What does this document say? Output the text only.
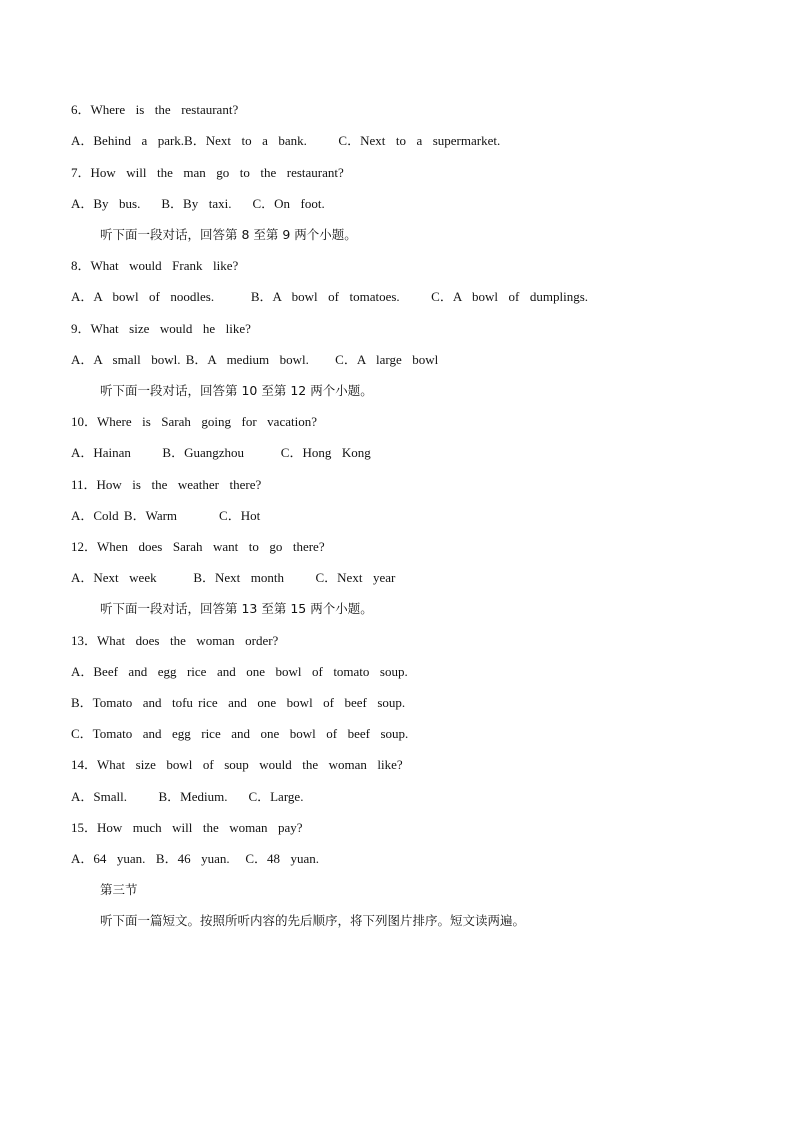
6．Where  is  the  restaurant?
A．Behind  a  park.B．Next  to  a  bank.      C．Next  to  a  supermarket.
7．How  will  the  man  go  to  the  restaurant?
A．By  bus.    B．By  taxi.    C．On  foot.
听下面一段对话，回答第 8 至第 9 两个小题。
8．What  would  Frank  like?
A．A  bowl  of  noodles.       B．A  bowl  of  tomatoes.      C．A  bowl  of  dumplings.
9．What  size  would  he  like?
A．A  small  bowl. B．A  medium  bowl.     C．A  large  bowl
听下面一段对话，回答第 10 至第 12 两个小题。
10．Where  is  Sarah  going  for  vacation?
A．Hainan      B．Guangzhou       C．Hong  Kong
11．How  is  the  weather  there?
A．Cold B．Warm        C．Hot
12．When  does  Sarah  want  to  go  there?
A．Next  week       B．Next  month      C．Next  year
听下面一段对话，回答第 13 至第 15 两个小题。
13．What  does  the  woman  order?
A．Beef  and  egg  rice  and  one  bowl  of  tomato  soup.
B．Tomato  and  tofu rice  and  one  bowl  of  beef  soup.
C．Tomato  and  egg  rice  and  one  bowl  of  beef  soup.
14．What  size  bowl  of  soup  would  the  woman  like?
A．Small.      B．Medium.    C．Large.
15．How  much  will  the  woman  pay?
A．64  yuan.  B．46  yuan.   C．48  yuan.
第三节
听下面一篇短文。按照所听内容的先后顺序，将下列图片排序。短文读两遍。
